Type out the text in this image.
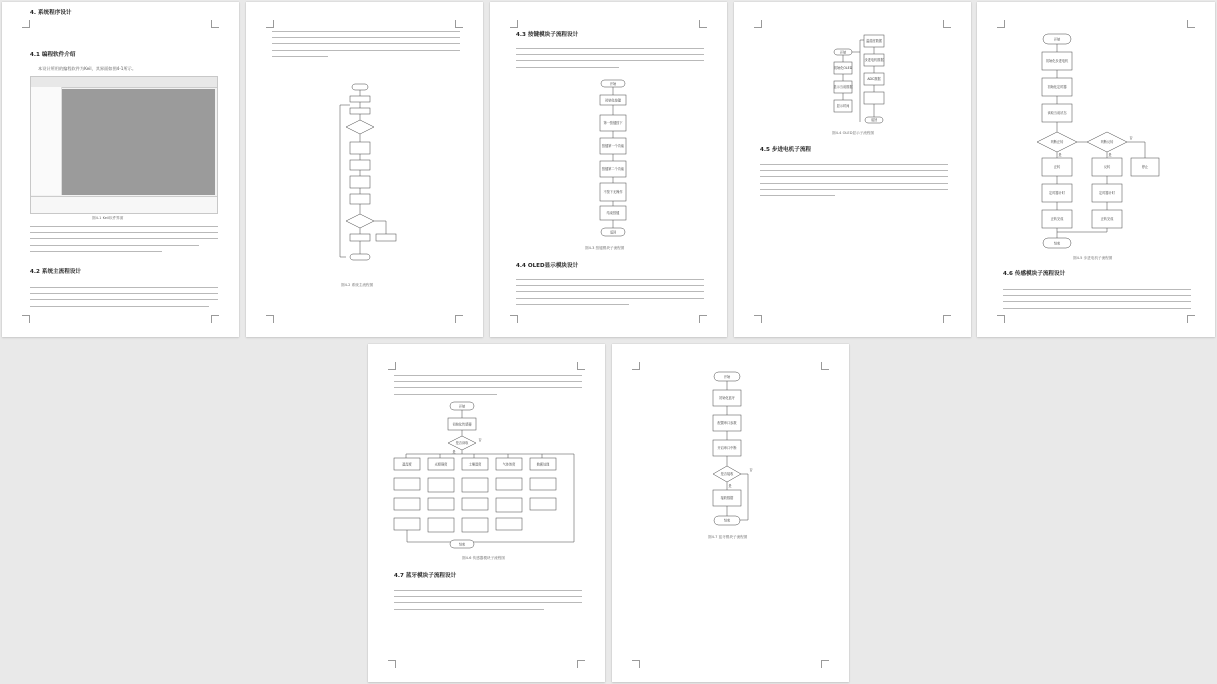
4. 系统程序设计
4.1 编程软件介绍
本设计所用的编程软件为Keil，其界面如图4-1所示。
图4-1 Keil软件界面
4.2 系统主流程设计
图4-2 系统主流程图
4.3 按键模块子流程设计
开始
初始化按键
第一按键按下
按键第一个功能
按键第二个功能
不按下无操作
结束按键
返回
图4-3 按键模块子流程图
4.4 OLED显示模块设计
开始
初始化OLED
显示当前数据
显示时间
温湿度数据
步进电机数据
ADC数据
返回
图4-4 OLED显示子流程图
4.5 步进电机子流程
开始
初始化步进电机
初始化定时器
读取当前状态
判断正转	判断反转
正转	反转	停止
定时器计时	定时器计时
正转完成	正转完成
结束
是	是
否
图4-5 步进电机子流程图
4.6 传感模块子流程设计
开始
初始化传感器
是否读取
温湿度	光照强度	土壤湿度	气体浓度	数据处理
结束
是
否
图4-6 传感器模块子流程图
4.7 蓝牙模块子流程设计
开始
初始化蓝牙
配置串口参数
开启串口中断
是否接收
接收数据
结束
是
否
图4-7 蓝牙模块子流程图
